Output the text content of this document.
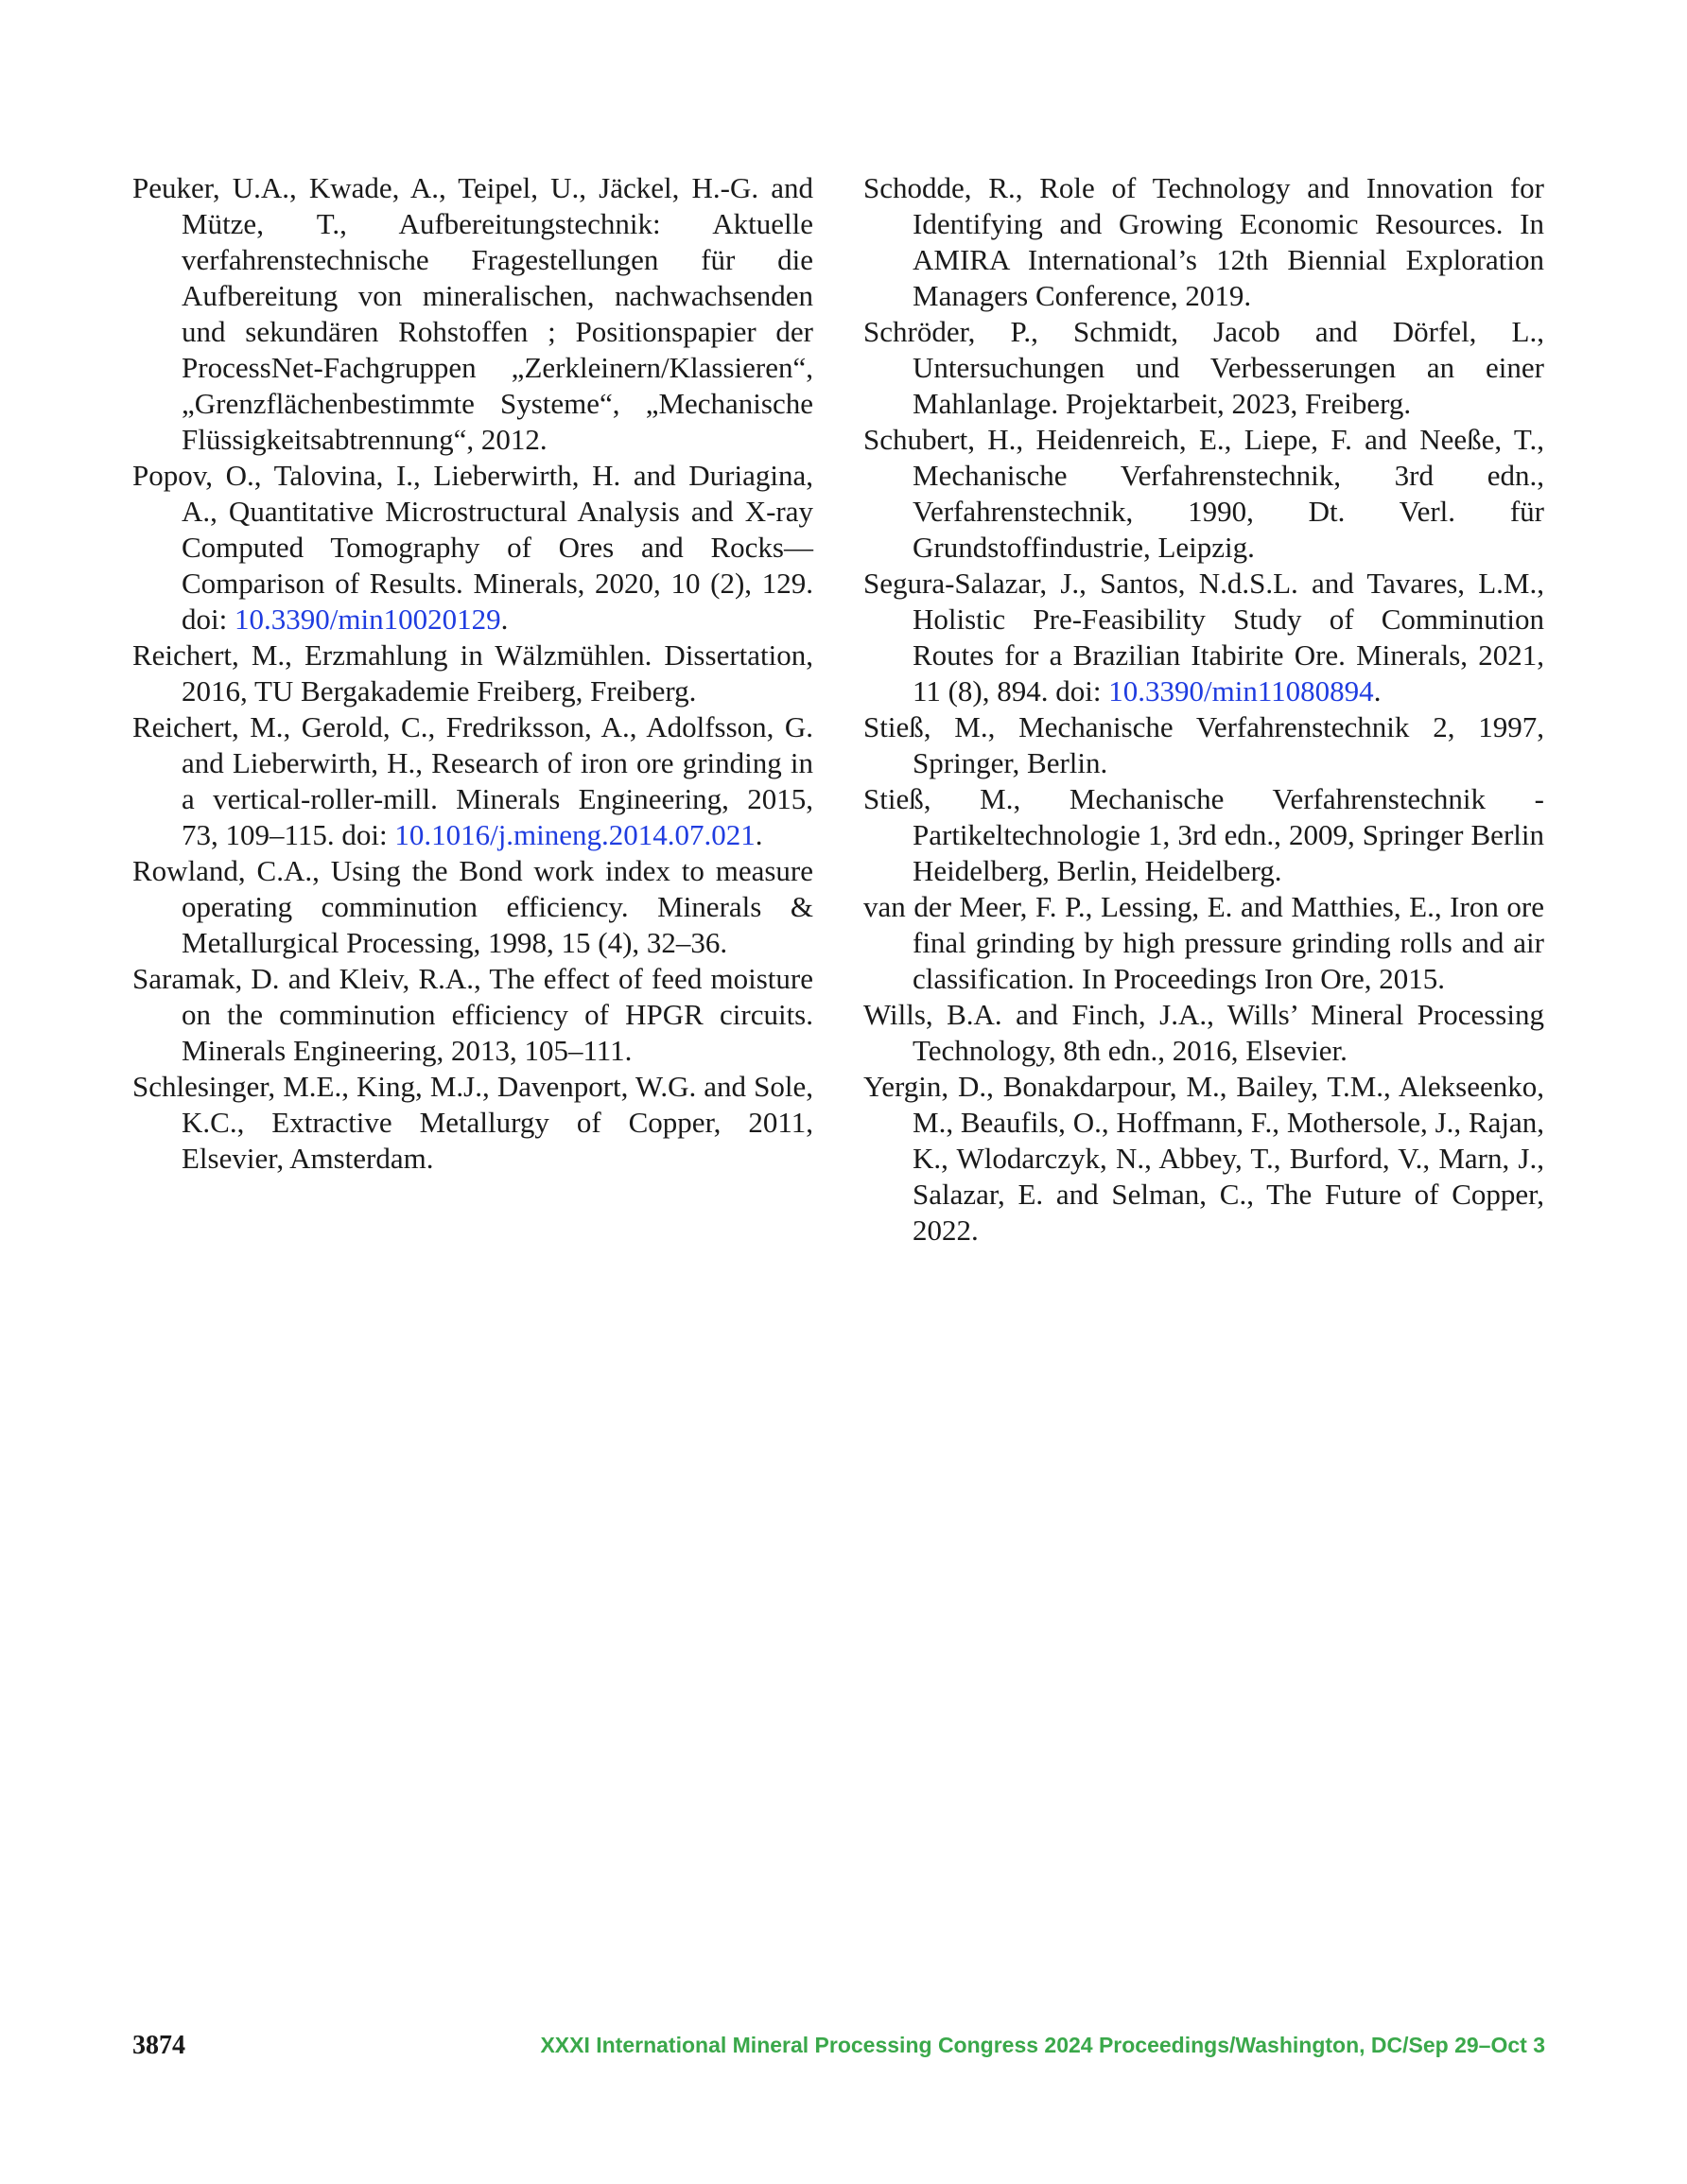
Peuker, U.A., Kwade, A., Teipel, U., Jäckel, H.-G. and Mütze, T., Aufbereitungstechnik: Aktuelle verfahrenstechnische Fragestellungen für die Aufbereitung von mineralischen, nachwachsenden und sekundären Rohstoffen ; Positionspapier der ProcessNet-Fachgruppen „Zerkleinern/Klassieren“, „Grenzflächenbestimmte Systeme“, „Mechanische Flüssigkeitsabtrennung“, 2012.

Popov, O., Talovina, I., Lieberwirth, H. and Duriagina, A., Quantitative Microstructural Analysis and X-ray Computed Tomography of Ores and Rocks—Comparison of Results. Minerals, 2020, 10 (2), 129. doi: 10.3390/min10020129.

Reichert, M., Erzmahlung in Wälzmühlen. Dissertation, 2016, TU Bergakademie Freiberg, Freiberg.

Reichert, M., Gerold, C., Fredriksson, A., Adolfsson, G. and Lieberwirth, H., Research of iron ore grinding in a vertical-roller-mill. Minerals Engineering, 2015, 73, 109–115. doi: 10.1016/j.mineng.2014.07.021.

Rowland, C.A., Using the Bond work index to measure operating comminution efficiency. Minerals & Metallurgical Processing, 1998, 15 (4), 32–36.

Saramak, D. and Kleiv, R.A., The effect of feed moisture on the comminution efficiency of HPGR circuits. Minerals Engineering, 2013, 105–111.

Schlesinger, M.E., King, M.J., Davenport, W.G. and Sole, K.C., Extractive Metallurgy of Copper, 2011, Elsevier, Amsterdam.

Schodde, R., Role of Technology and Innovation for Identifying and Growing Economic Resources. In AMIRA International’s 12th Biennial Exploration Managers Conference, 2019.

Schröder, P., Schmidt, Jacob and Dörfel, L., Untersuchungen und Verbesserungen an einer Mahlanlage. Projektarbeit, 2023, Freiberg.

Schubert, H., Heidenreich, E., Liepe, F. and Neeße, T., Mechanische Verfahrenstechnik, 3rd edn., Verfahrenstechnik, 1990, Dt. Verl. für Grundstoffindustrie, Leipzig.

Segura-Salazar, J., Santos, N.d.S.L. and Tavares, L.M., Holistic Pre-Feasibility Study of Comminution Routes for a Brazilian Itabirite Ore. Minerals, 2021, 11 (8), 894. doi: 10.3390/min11080894.

Stieß, M., Mechanische Verfahrenstechnik 2, 1997, Springer, Berlin.

Stieß, M., Mechanische Verfahrenstechnik - Partikeltechnologie 1, 3rd edn., 2009, Springer Berlin Heidelberg, Berlin, Heidelberg.

van der Meer, F. P., Lessing, E. and Matthies, E., Iron ore final grinding by high pressure grinding rolls and air classification. In Proceedings Iron Ore, 2015.

Wills, B.A. and Finch, J.A., Wills’ Mineral Processing Technology, 8th edn., 2016, Elsevier.

Yergin, D., Bonakdarpour, M., Bailey, T.M., Alekseenko, M., Beaufils, O., Hoffmann, F., Mothersole, J., Rajan, K., Wlodarczyk, N., Abbey, T., Burford, V., Marn, J., Salazar, E. and Selman, C., The Future of Copper, 2022.

3874	XXXI International Mineral Processing Congress 2024 Proceedings/Washington, DC/Sep 29–Oct 3
